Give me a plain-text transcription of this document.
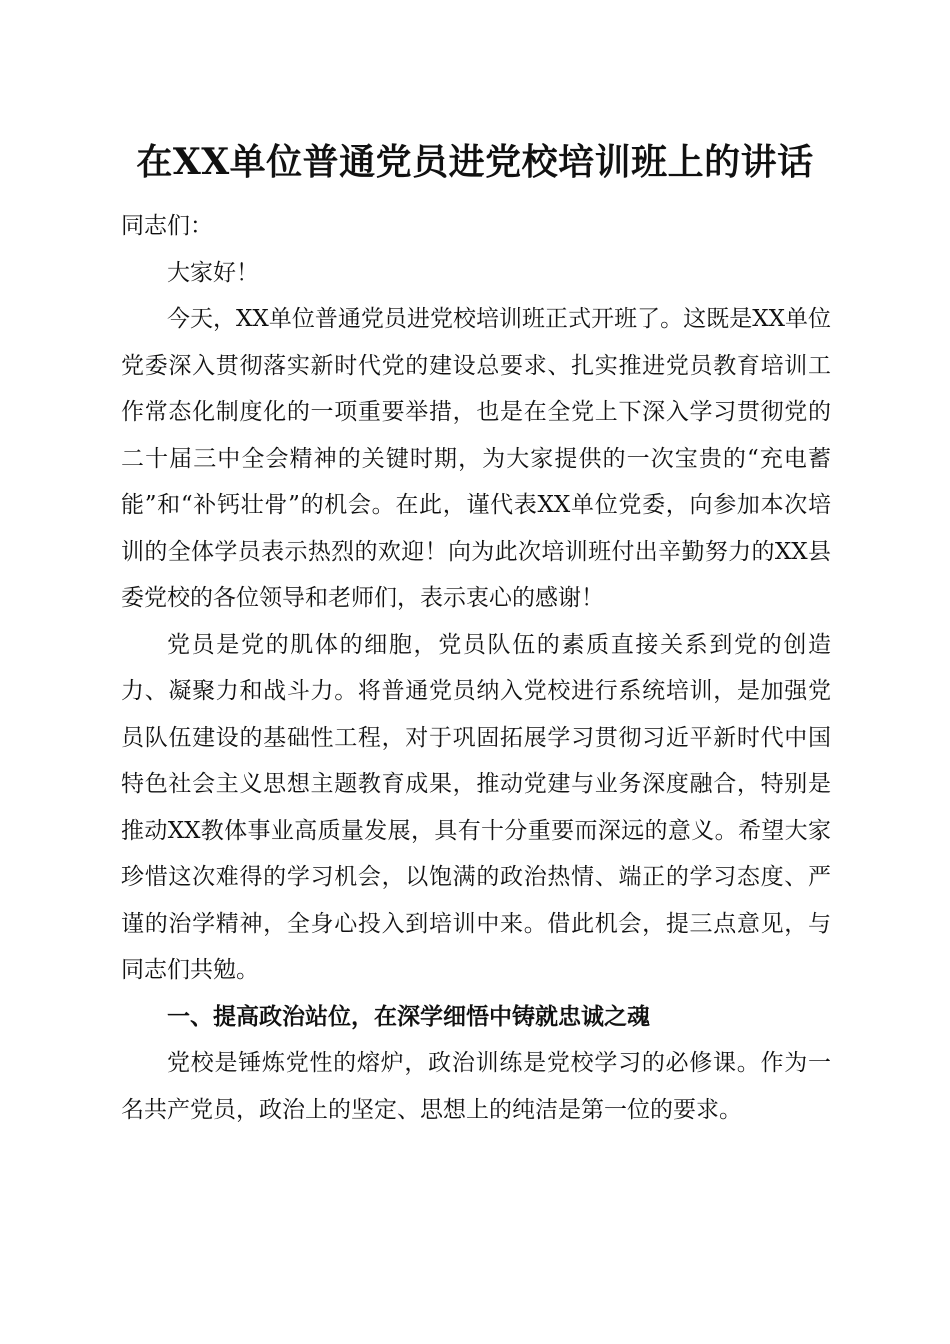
在XX单位普通党员进党校培训班上的讲话

同志们：

大家好！

今天，XX单位普通党员进党校培训班正式开班了。这既是XX单位党委深入贯彻落实新时代党的建设总要求、扎实推进党员教育培训工作常态化制度化的一项重要举措，也是在全党上下深入学习贯彻党的二十届三中全会精神的关键时期，为大家提供的一次宝贵的“充电蓄能”和“补钙壮骨”的机会。在此，谨代表XX单位党委，向参加本次培训的全体学员表示热烈的欢迎！向为此次培训班付出辛勤努力的XX县委党校的各位领导和老师们，表示衷心的感谢！

党员是党的肌体的细胞，党员队伍的素质直接关系到党的创造力、凝聚力和战斗力。将普通党员纳入党校进行系统培训，是加强党员队伍建设的基础性工程，对于巩固拓展学习贯彻习近平新时代中国特色社会主义思想主题教育成果，推动党建与业务深度融合，特别是推动XX教体事业高质量发展，具有十分重要而深远的意义。希望大家珍惜这次难得的学习机会，以饱满的政治热情、端正的学习态度、严谨的治学精神，全身心投入到培训中来。借此机会，提三点意见，与同志们共勉。

一、提高政治站位，在深学细悟中铸就忠诚之魂

党校是锤炼党性的熔炉，政治训练是党校学习的必修课。作为一名共产党员，政治上的坚定、思想上的纯洁是第一位的要求。
